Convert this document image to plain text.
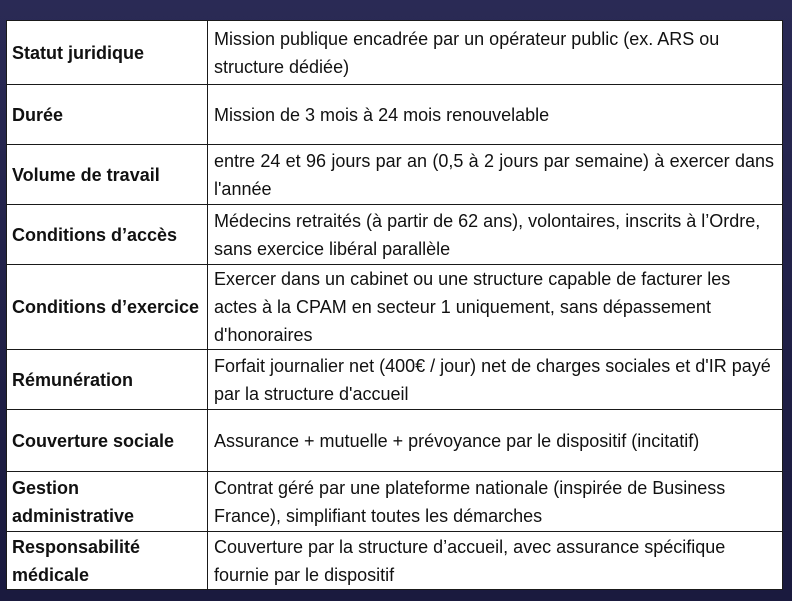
Statut juridique	Mission publique encadrée par un opérateur public (ex. ARS ou structure dédiée)
Durée	Mission de 3 mois à 24 mois renouvelable
Volume de travail	entre 24 et 96 jours par an (0,5 à 2 jours par semaine) à exercer dans l'année
Conditions d’accès	Médecins retraités (à partir de 62 ans), volontaires, inscrits à l’Ordre, sans exercice libéral parallèle
Conditions d’exercice	Exercer dans un cabinet ou une structure capable de facturer les actes à la CPAM en secteur 1 uniquement, sans dépassement d'honoraires
Rémunération	Forfait journalier net (400€ / jour) net de charges sociales et d'IR payé par la structure d'accueil
Couverture sociale	Assurance + mutuelle + prévoyance par le dispositif (incitatif)
Gestion administrative	Contrat géré par une plateforme nationale (inspirée de Business France), simplifiant toutes les démarches
Responsabilité médicale	Couverture par la structure d’accueil, avec assurance spécifique fournie par le dispositif
